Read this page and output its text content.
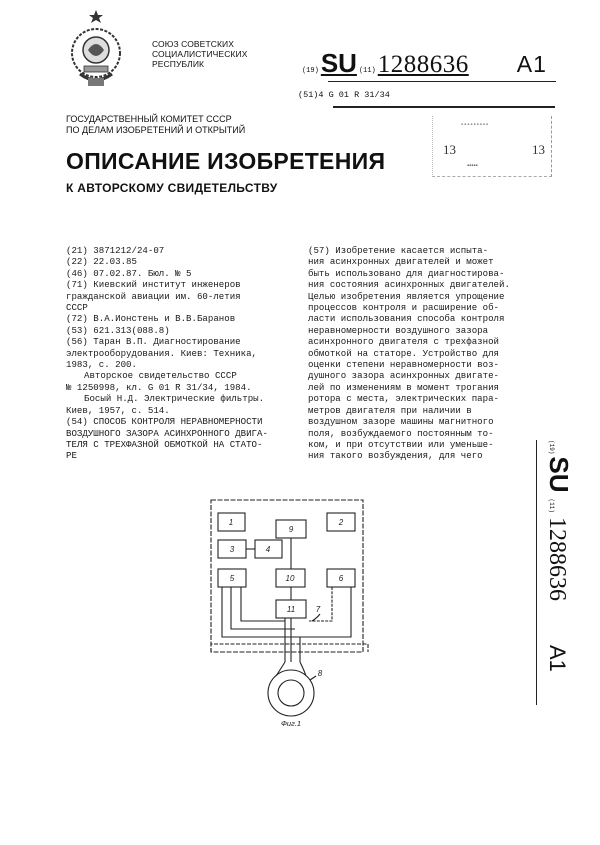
СОЮЗ СОВЕТСКИХ
СОЦИАЛИСТИЧЕСКИХ
РЕСПУБЛИК
ГОСУДАРСТВЕННЫЙ КОМИТЕТ СССР
ПО ДЕЛАМ ИЗОБРЕТЕНИЙ И ОТКРЫТИЙ
(19) SU (11) 1288636 A1
(51)4 G 01 R 31/34
▪▪▪▪▪▪▪▪▪
13	13
▪▪▪▪▪
ОПИСАНИЕ ИЗОБРЕТЕНИЯ
К АВТОРСКОМУ СВИДЕТЕЛЬСТВУ
(21) 3871212/24-07
(22) 22.03.85
(46) 07.02.87. Бюл. № 5
(71) Киевский институт инженеров
гражданской авиации им. 60-летия
СССР
(72) В.А.Ионстень и В.В.Баранов
(53) 621.313(088.8)
(56) Таран В.П. Диагностирование
электрооборудования. Киев: Техника,
1983, с. 200.
Авторское свидетельство СССР
№ 1250998, кл. G 01 R 31/34, 1984.
Босый Н.Д. Электрические фильтры.
Киев, 1957, с. 514.
(54) СПОСОБ КОНТРОЛЯ НЕРАВНОМЕРНОСТИ
ВОЗДУШНОГО ЗАЗОРА АСИНХРОННОГО ДВИГА-
ТЕЛЯ С ТРЕХФАЗНОЙ ОБМОТКОЙ НА СТАТО-
РЕ
(57) Изобретение касается испыта-
ния асинхронных двигателей и может
быть использовано для диагностирова-
ния состояния асинхронных двигателей.
Целью изобретения является упрощение
процессов контроля и расширение об-
ласти использования способа контроля
неравномерности воздушного зазора
асинхронного двигателя с трехфазной
обмоткой на статоре. Устройство для
оценки степени неравномерности воз-
душного зазора асинхронных двигате-
лей по изменениям в момент трогания
ротора с места, электрических пара-
метров двигателя при наличии в
воздушном зазоре машины магнитного
поля, возбуждаемого постоянным то-
ком, и при отсутствии или уменьше-
ния такого возбуждения, для чего
(19)
SU
(11)
1288636
A1
1	2
3	4
5	6
9
10
11	7
8
Фиг.1
